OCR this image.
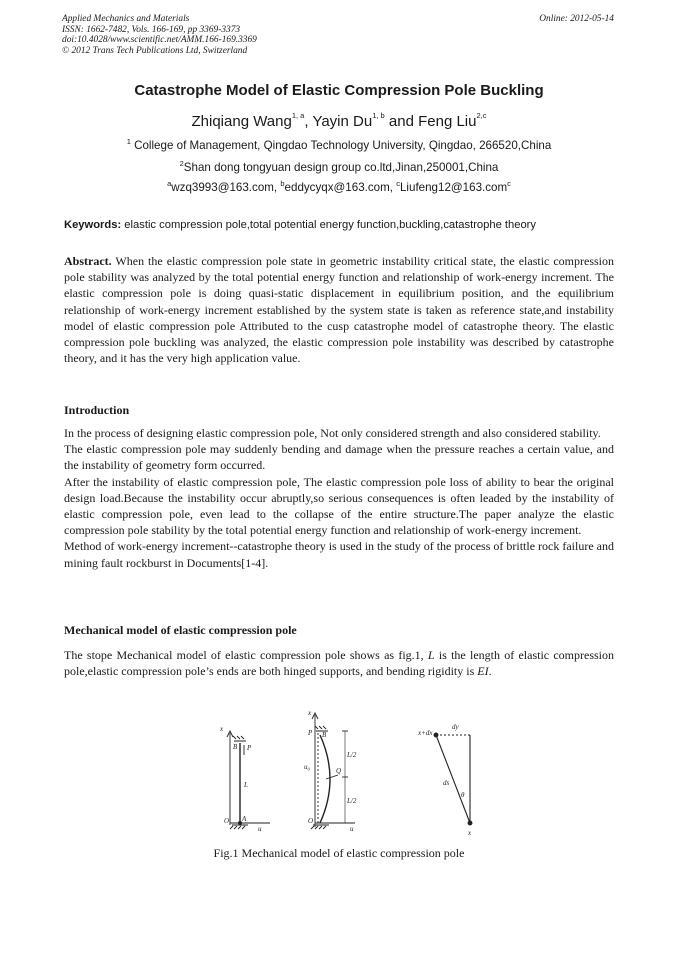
Applied Mechanics and Materials
ISSN: 1662-7482, Vols. 166-169, pp 3369-3373
doi:10.4028/www.scientific.net/AMM.166-169.3369
© 2012 Trans Tech Publications Ltd, Switzerland
Online: 2012-05-14
Catastrophe Model of Elastic Compression Pole Buckling
Zhiqiang Wang$^{1, a}$, Yayin Du$^{1, b}$ and Feng Liu$^{2,c}$
$^1$ College of Management, Qingdao Technology University, Qingdao, 266520,China
$^2$Shan dong tongyuan design group co.ltd,Jinan,250001,China
$^a$wzq3993@163.com, $^b$eddycyqx@163.com, $^c$Liufeng12@163.com$^c$
Keywords: elastic compression pole,total potential energy function,buckling,catastrophe theory
Abstract. When the elastic compression pole state in geometric instability critical state, the elastic compression pole stability was analyzed by the total potential energy function and relationship of work-energy increment. The elastic compression pole is doing quasi-static displacement in equilibrium position, and the equilibrium relationship of work-energy increment established by the system state is taken as reference state,and instability model of elastic compression pole Attributed to the cusp catastrophe model of catastrophe theory. The elastic compression pole buckling was analyzed, the elastic compression pole instability was described by catastrophe theory, and it has the very high application value.
Introduction

In the process of designing elastic compression pole, Not only considered strength and also considered stability.

The elastic compression pole may suddenly bending and damage when the pressure reaches a certain value, and the instability of geometry form occurred.

After the instability of elastic compression pole, The elastic compression pole loss of ability to bear the original design load.Because the instability occur abruptly,so serious consequences is often leaded by the instability of elastic compression pole, even lead to the collapse of the entire structure.The paper analyze the elastic compression pole stability by the total potential energy function and relationship of work-energy increment.

Method of work-energy increment--catastrophe theory is used in the study of the process of brittle rock failure and mining fault rockburst in Documents[1-4].

Mechanical model of elastic compression pole
The stope Mechanical model of elastic compression pole shows as fig.1, L is the length of elastic compression pole,elastic compression pole’s ends are both hinged supports, and bending rigidity is EI.
x
B P
L
O A
u
x
P B
u₀	Q
L/2
L/2
O
u
x+dx
dy
ds
θ
x
Fig.1 Mechanical model of elastic compression pole
